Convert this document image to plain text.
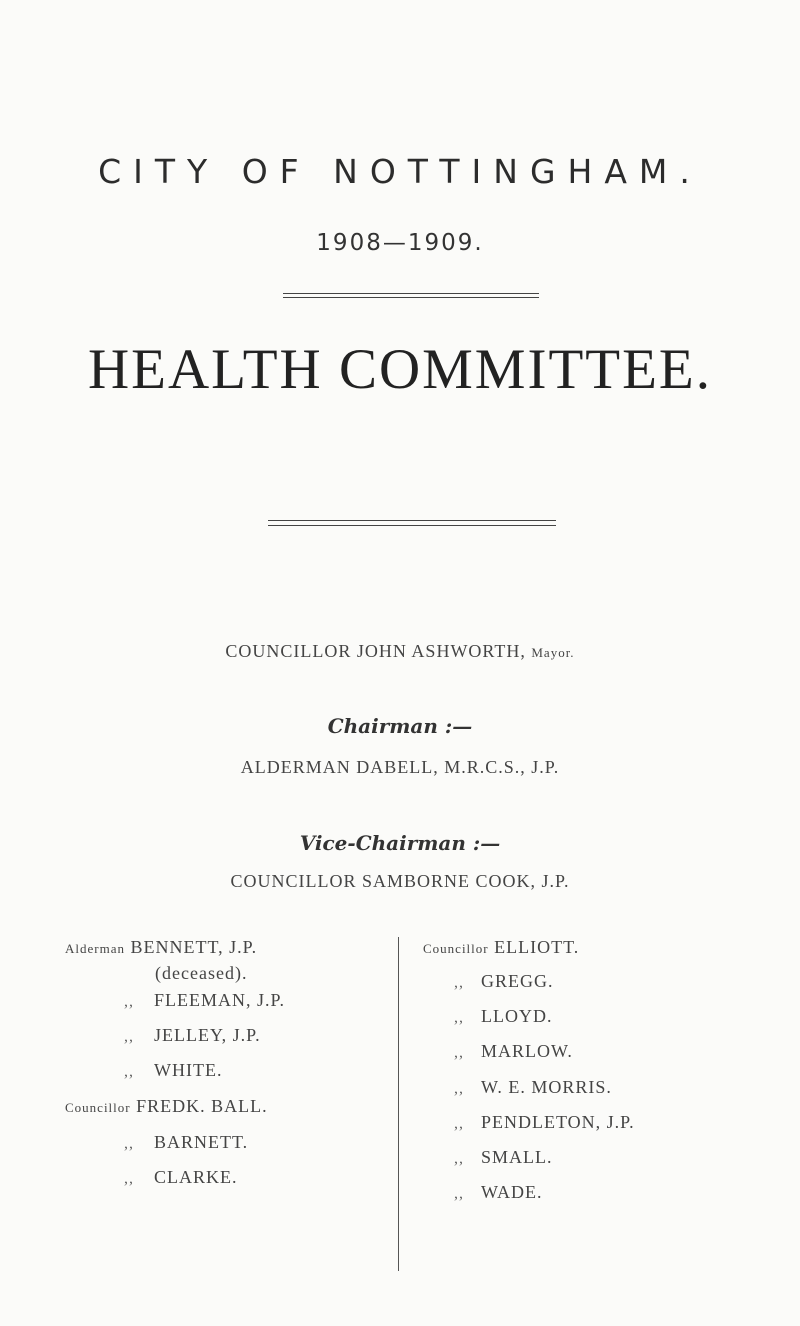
CITY OF NOTTINGHAM.
1908—1909.
HEALTH COMMITTEE.
COUNCILLOR JOHN ASHWORTH, Mayor.
Chairman :—
ALDERMAN DABELL, M.R.C.S., J.P.
Vice-Chairman :—
COUNCILLOR SAMBORNE COOK, J.P.
Alderman BENNETT, J.P.
(deceased).
,, FLEEMAN, J.P.
,, JELLEY, J.P.
,, WHITE.
Councillor FREDK. BALL.
,, BARNETT.
,, CLARKE.
Councillor ELLIOTT.
,, GREGG.
,, LLOYD.
,, MARLOW.
,, W. E. MORRIS.
,, PENDLETON, J.P.
,, SMALL.
,, WADE.
